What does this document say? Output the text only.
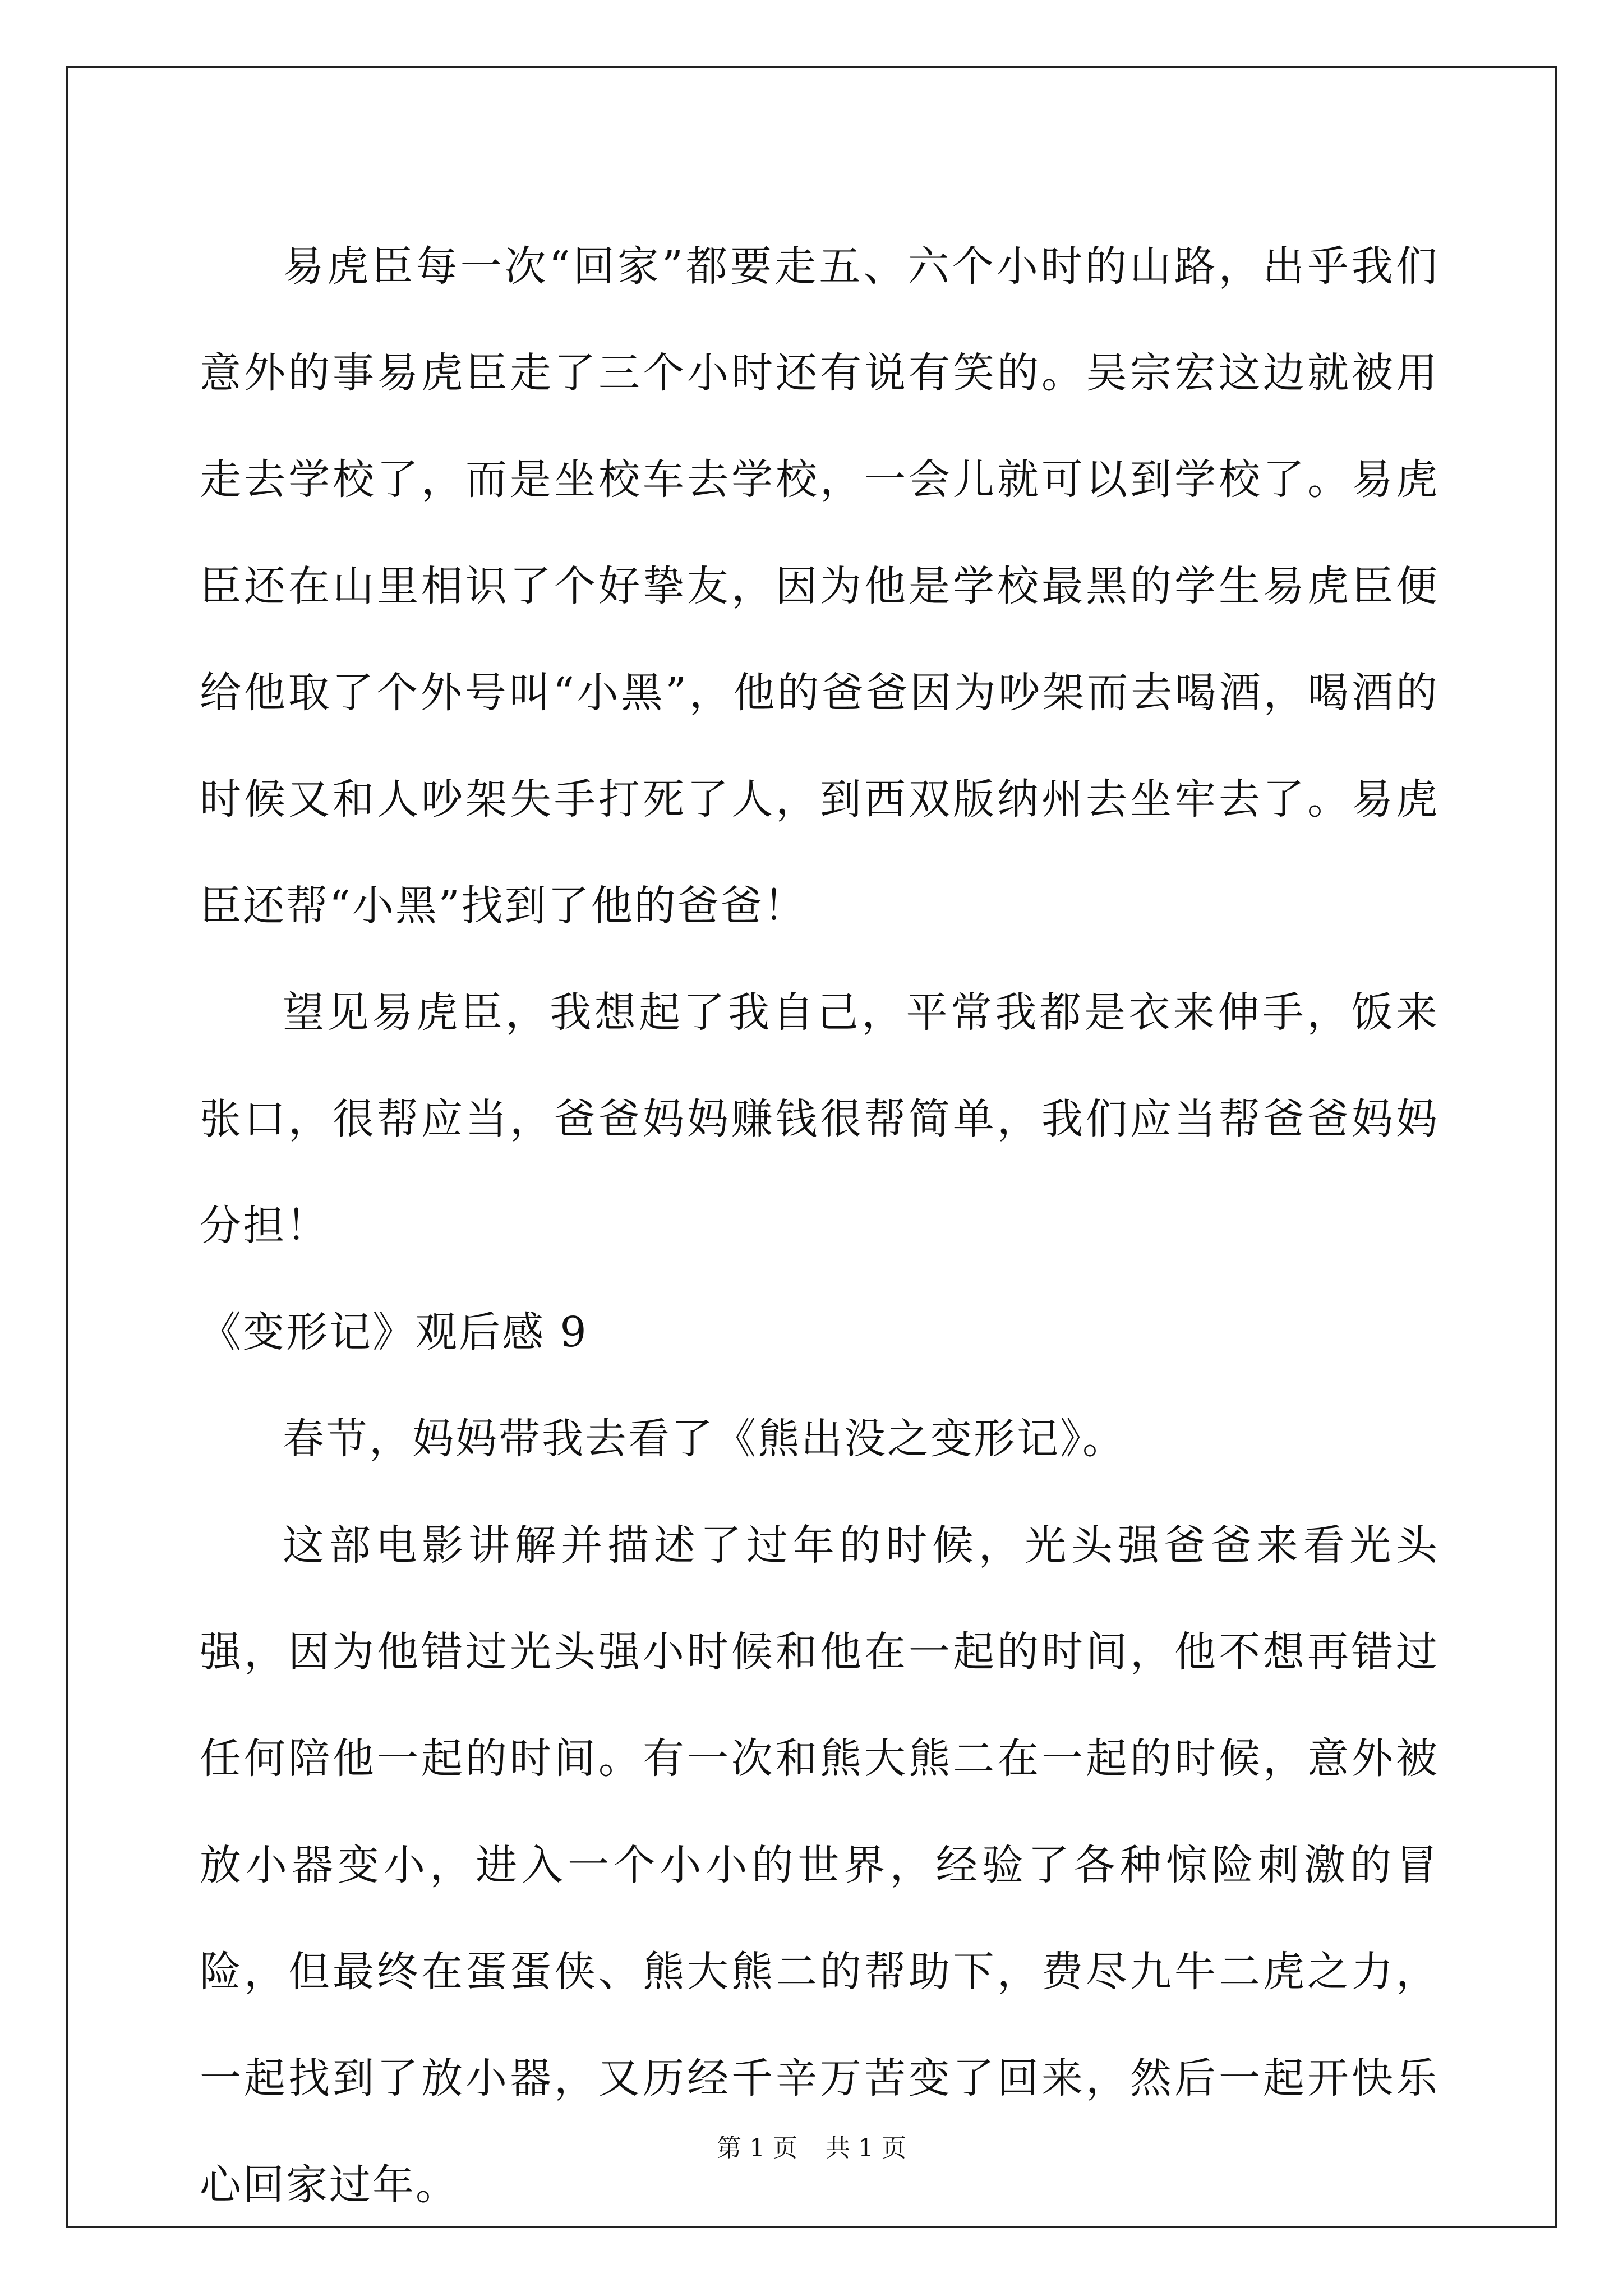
易虎臣每一次“回家”都要走五、六个小时的山路，出乎我们意外的事易虎臣走了三个小时还有说有笑的。吴宗宏这边就被用走去学校了，而是坐校车去学校，一会儿就可以到学校了。易虎臣还在山里相识了个好挚友，因为他是学校最黑的学生易虎臣便给他取了个外号叫“小黑”，他的爸爸因为吵架而去喝酒，喝酒的时候又和人吵架失手打死了人，到西双版纳州去坐牢去了。易虎臣还帮“小黑”找到了他的爸爸！

望见易虎臣，我想起了我自己，平常我都是衣来伸手，饭来张口，很帮应当，爸爸妈妈赚钱很帮简单，我们应当帮爸爸妈妈分担！

《变形记》观后感 9

春节，妈妈带我去看了《熊出没之变形记》。

这部电影讲解并描述了过年的时候，光头强爸爸来看光头强，因为他错过光头强小时候和他在一起的时间，他不想再错过任何陪他一起的时间。有一次和熊大熊二在一起的时候，意外被放小器变小，进入一个小小的世界，经验了各种惊险刺激的冒险，但最终在蛋蛋侠、熊大熊二的帮助下，费尽九牛二虎之力，一起找到了放小器，又历经千辛万苦变了回来，然后一起开快乐心回家过年。

第 1 页 共 1 页
